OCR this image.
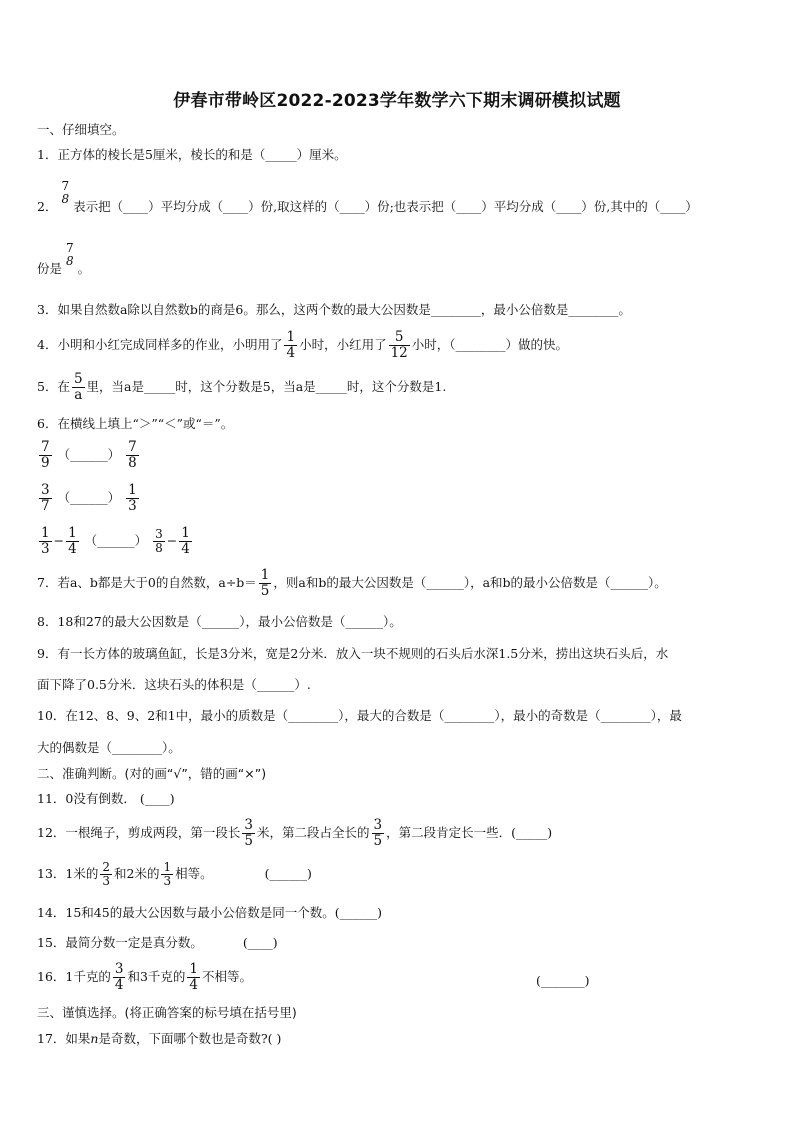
伊春市带岭区2022-2023学年数学六下期末调研模拟试题
一、仔细填空。
1．正方体的棱长是5厘米，棱长的和是（_____）厘米。
2．
7
8 表示把（____）平均分成（____）份,取这样的（____）份;也表示把（____）平均分成（____）份,其中的（____）
份是
7
8 。
3．如果自然数a除以自然数b的商是6。那么，这两个数的最大公因数是________，最小公倍数是________。
4．小明和小红完成同样多的作业，小明用了 $\frac{1}{4}$ 小时，小红用了 $\frac{5}{12}$ 小时，（________）做的快。
5．在 $\frac{5}{a}$ 里，当a是_____时，这个分数是5，当a是_____时，这个分数是1.
6．在横线上填上“＞”“＜”或“＝”。
$\frac{7}{9}$ （______） $\frac{7}{8}$
$\frac{3}{7}$ （______） $\frac{1}{3}$
$\frac{1}{3} - \frac{1}{4}$ （______） $\frac{3}{8} - \frac{1}{4}$
7．若a、b都是大于0的自然数，$a\div b= \frac{1}{5}$ ，则a和b的最大公因数是（______），a和b的最小公倍数是（______）。
8．18和27的最大公因数是（______），最小公倍数是（______）。
9．有一长方体的玻璃鱼缸，长是3分米，宽是2分米．放入一块不规则的石头后水深1.5分米，捞出这块石头后，水
面下降了0.5分米．这块石头的体积是（______）.
10．在12、8、9、2和1中，最小的质数是（________），最大的合数是（________），最小的奇数是（________），最
大的偶数是（________）。
二、准确判断。(对的画“√”，错的画“×”)
11．0没有倒数． (____)
12．一根绳子，剪成两段，第一段长 $\frac{3}{5}$ 米，第二段占全长的 $\frac{3}{5}$ ，第二段肯定长一些．(_____)
13．1米的 $\frac{2}{3}$ 和2米的 $\frac{1}{3}$ 相等。	(______)
14．15和45的最大公因数与最小公倍数是同一个数。(______)
15．最简分数一定是真分数。	(____)
16．1千克的 $\frac{3}{4}$ 和3千克的 $\frac{1}{4}$ 不相等。	(_______)
三、谨慎选择。(将正确答案的标号填在括号里)
17．如果n是奇数，下面哪个数也是奇数?( )
